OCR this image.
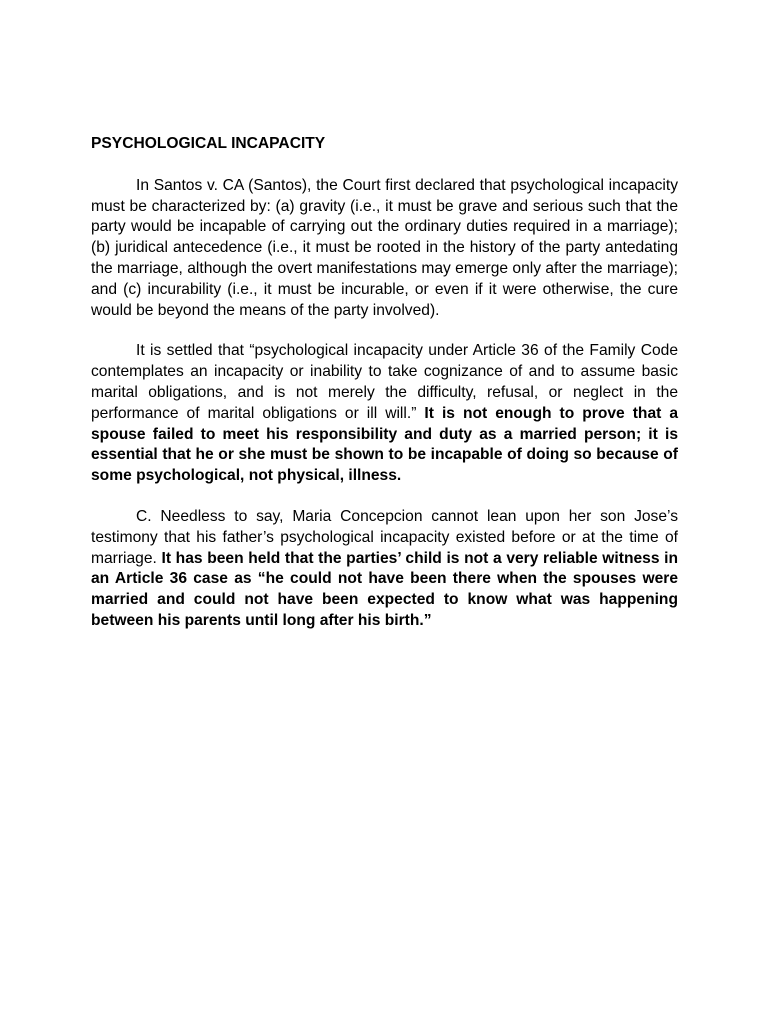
PSYCHOLOGICAL INCAPACITY

In Santos v. CA (Santos), the Court first declared that psychological incapacity must be characterized by: (a) gravity (i.e., it must be grave and serious such that the party would be incapable of carrying out the ordinary duties required in a marriage); (b) juridical antecedence (i.e., it must be rooted in the history of the party antedating the marriage, although the overt manifestations may emerge only after the marriage); and (c) incurability (i.e., it must be incurable, or even if it were otherwise, the cure would be beyond the means of the party involved).

It is settled that “psychological incapacity under Article 36 of the Family Code contemplates an incapacity or inability to take cognizance of and to assume basic marital obligations, and is not merely the difficulty, refusal, or neglect in the performance of marital obligations or ill will.” It is not enough to prove that a spouse failed to meet his responsibility and duty as a married person; it is essential that he or she must be shown to be incapable of doing so because of some psychological, not physical, illness.

C. Needless to say, Maria Concepcion cannot lean upon her son Jose’s testimony that his father’s psychological incapacity existed before or at the time of marriage. It has been held that the parties’ child is not a very reliable witness in an Article 36 case as “he could not have been there when the spouses were married and could not have been expected to know what was happening between his parents until long after his birth.”
